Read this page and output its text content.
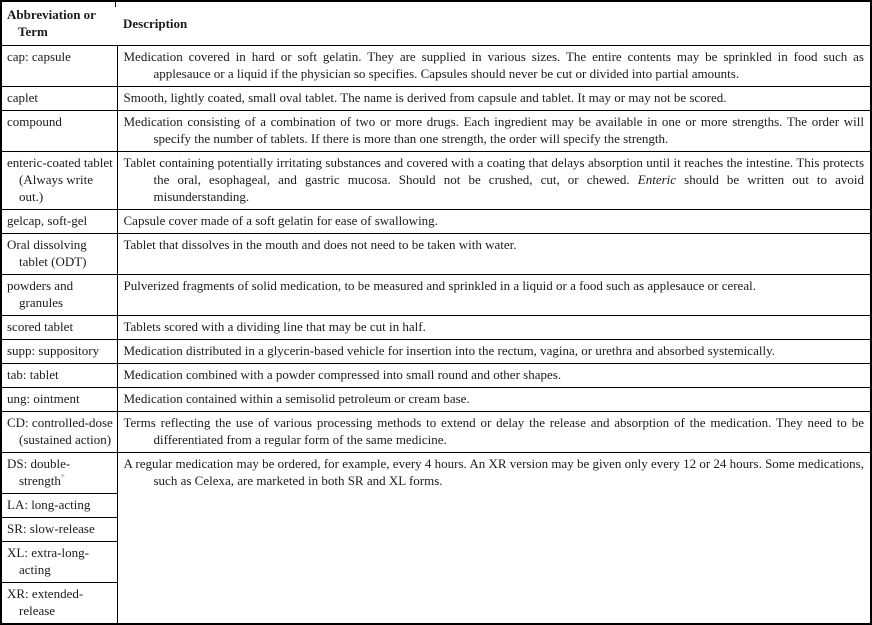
Abbreviation or Term	Description
cap: capsule	Medication covered in hard or soft gelatin. They are supplied in various sizes. The entire contents may be sprinkled in food such as applesauce or a liquid if the physician so specifies. Capsules should never be cut or divided into partial amounts.
caplet	Smooth, lightly coated, small oval tablet. The name is derived from capsule and tablet. It may or may not be scored.
compound	Medication consisting of a combination of two or more drugs. Each ingredient may be available in one or more strengths. The order will specify the number of tablets. If there is more than one strength, the order will specify the strength.
enteric-coated tablet (Always write out.)	Tablet containing potentially irritating substances and covered with a coating that delays absorption until it reaches the intestine. This protects the oral, esophageal, and gastric mucosa. Should not be crushed, cut, or chewed. Enteric should be written out to avoid misunderstanding.
gelcap, soft-gel	Capsule cover made of a soft gelatin for ease of swallowing.
Oral dissolving tablet (ODT)	Tablet that dissolves in the mouth and does not need to be taken with water.
powders and granules	Pulverized fragments of solid medication, to be measured and sprinkled in a liquid or a food such as applesauce or cereal.
scored tablet	Tablets scored with a dividing line that may be cut in half.
supp: suppository	Medication distributed in a glycerin-based vehicle for insertion into the rectum, vagina, or urethra and absorbed systemically.
tab: tablet	Medication combined with a powder compressed into small round and other shapes.
ung: ointment	Medication contained within a semisolid petroleum or cream base.
CD: controlled-dose (sustained action)	Terms reflecting the use of various processing methods to extend or delay the release and absorption of the medication. They need to be differentiated from a regular form of the same medicine.
DS: double-strength*	A regular medication may be ordered, for example, every 4 hours. An XR version may be given only every 12 or 24 hours. Some medications, such as Celexa, are marketed in both SR and XL forms.
LA: long-acting	
SR: slow-release	
XL: extra-long-acting	
XR: extended-release	
